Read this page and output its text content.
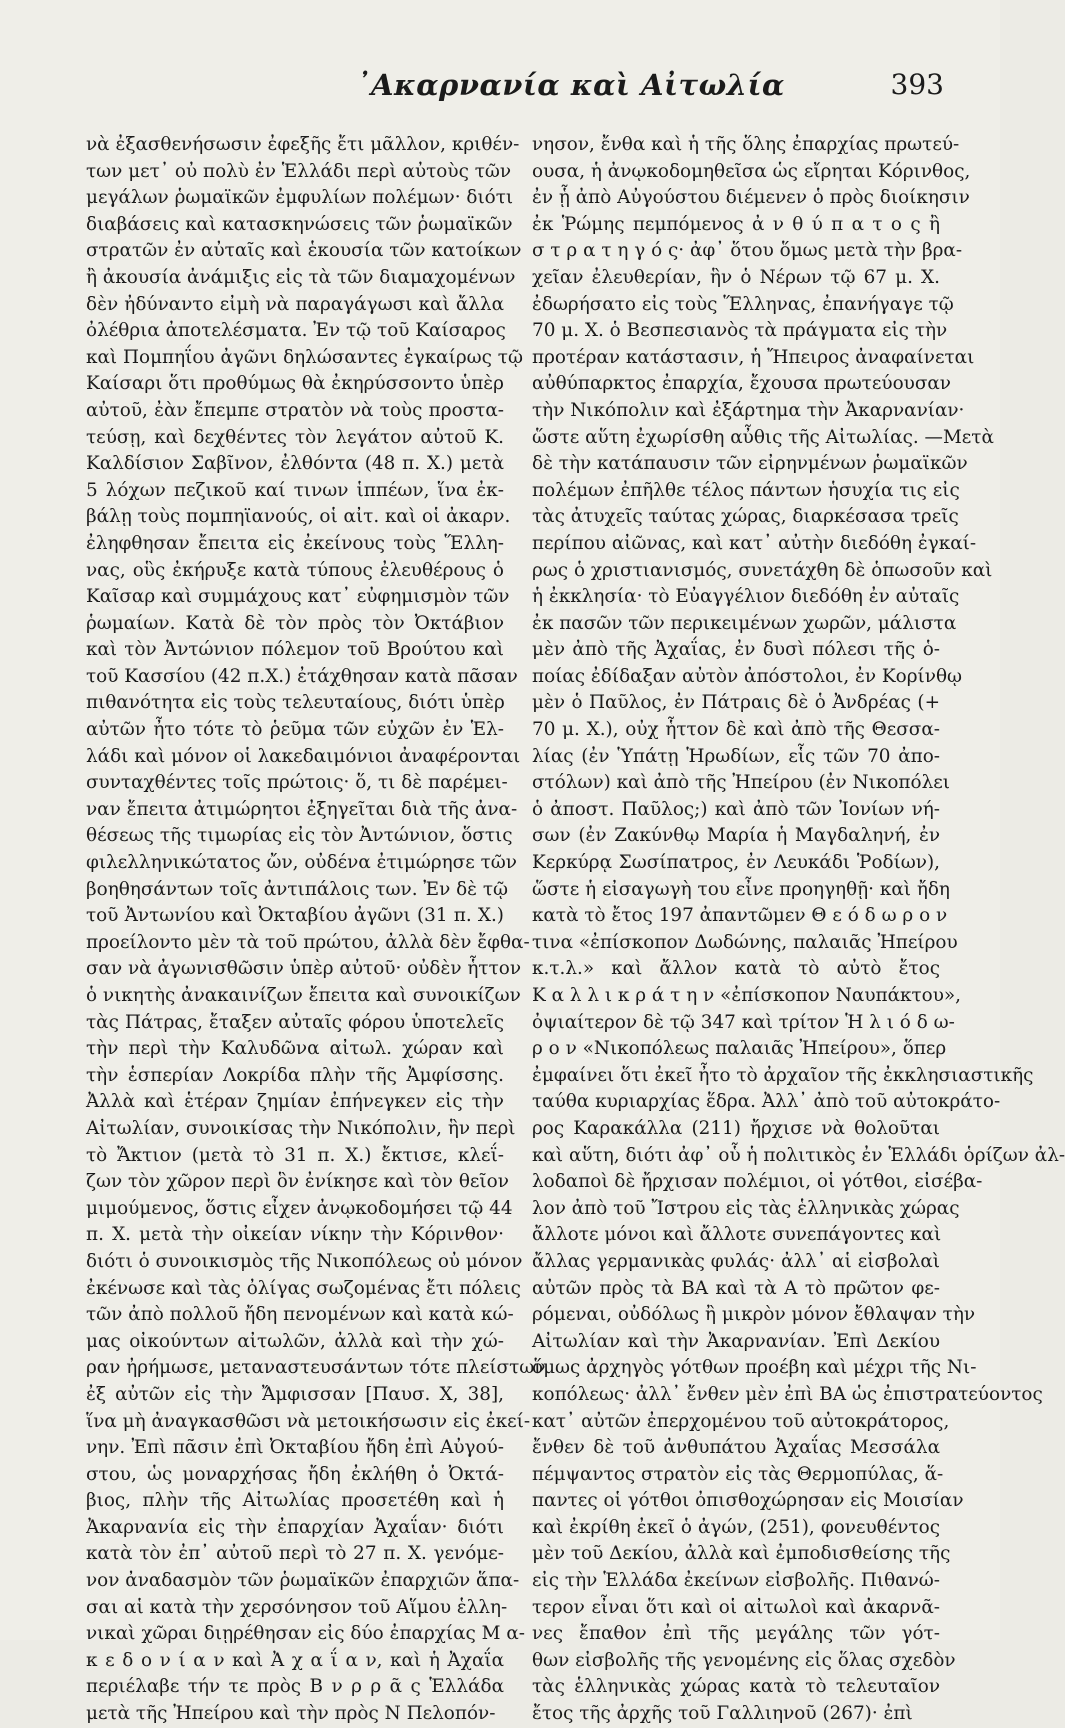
᾽Ακαρνανία καὶ Αἰτωλία	393
νὰ ἐξασθενήσωσιν ἐφεξῆς ἔτι μᾶλλον, κριθέν-
των μετ᾽ οὐ πολὺ ἐν Ἑλλάδι περὶ αὐτοὺς τῶν
μεγάλων ῥωμαϊκῶν ἐμφυλίων πολέμων· διότι
διαβάσεις καὶ κατασκηνώσεις τῶν ῥωμαϊκῶν
στρατῶν ἐν αὐταῖς καὶ ἑκουσία τῶν κατοίκων
ἢ ἀκουσία ἀνάμιξις εἰς τὰ τῶν διαμαχομένων
δὲν ἠδύναντο εἰμὴ νὰ παραγάγωσι καὶ ἄλλα
ὀλέθρια ἀποτελέσματα. Ἐν τῷ τοῦ Καίσαρος
καὶ Πομπηΐου ἀγῶνι δηλώσαντες ἐγκαίρως τῷ
Καίσαρι ὅτι προθύμως θὰ ἐκηρύσσοντο ὑπὲρ
αὐτοῦ, ἐὰν ἔπεμπε στρατὸν νὰ τοὺς προστα-
τεύσῃ, καὶ δεχθέντες τὸν λεγάτον αὐτοῦ Κ.
Καλδίσιον Σαβῖνον, ἐλθόντα (48 π. Χ.) μετὰ
5 λόχων πεζικοῦ καί τινων ἱππέων, ἵνα ἐκ-
βάλῃ τοὺς πομπηϊανούς, οἱ αἰτ. καὶ οἱ ἀκαρν.
ἐληφθησαν ἔπειτα εἰς ἐκείνους τοὺς Ἕλλη-
νας, οὓς ἐκήρυξε κατὰ τύπους ἐλευθέρους ὁ
Καῖσαρ καὶ συμμάχους κατ᾽ εὐφημισμὸν τῶν
ῥωμαίων. Κατὰ δὲ τὸν πρὸς τὸν Ὀκτάβιον
καὶ τὸν Ἀντώνιον πόλεμον τοῦ Βρούτου καὶ
τοῦ Κασσίου (42 π.Χ.) ἐτάχθησαν κατὰ πᾶσαν
πιθανότητα εἰς τοὺς τελευταίους, διότι ὑπὲρ
αὐτῶν ἦτο τότε τὸ ῥεῦμα τῶν εὐχῶν ἐν Ἑλ-
λάδι καὶ μόνον οἱ λακεδαιμόνιοι ἀναφέρονται
συνταχθέντες τοῖς πρώτοις· ὅ, τι δὲ παρέμει-
ναν ἔπειτα ἀτιμώρητοι ἐξηγεῖται διὰ τῆς ἀνα-
θέσεως τῆς τιμωρίας εἰς τὸν Ἀντώνιον, ὅστις
φιλελληνικώτατος ὤν, οὐδένα ἐτιμώρησε τῶν
βοηθησάντων τοῖς ἀντιπάλοις των. Ἐν δὲ τῷ
τοῦ Ἀντωνίου καὶ Ὀκταβίου ἀγῶνι (31 π. Χ.)
προείλοντο μὲν τὰ τοῦ πρώτου, ἀλλὰ δὲν ἔφθα-
σαν νὰ ἀγωνισθῶσιν ὑπὲρ αὐτοῦ· οὐδὲν ἧττον
ὁ νικητὴς ἀνακαινίζων ἔπειτα καὶ συνοικίζων
τὰς Πάτρας, ἔταξεν αὐταῖς φόρου ὑποτελεῖς
τὴν περὶ τὴν Καλυδῶνα αἰτωλ. χώραν καὶ
τὴν ἑσπερίαν Λοκρίδα πλὴν τῆς Ἀμφίσσης.
Ἀλλὰ καὶ ἑτέραν ζημίαν ἐπήνεγκεν εἰς τὴν
Αἰτωλίαν, συνοικίσας τὴν Νικόπολιν, ἣν περὶ
τὸ Ἄκτιον (μετὰ τὸ 31 π. Χ.) ἔκτισε, κλεΐ-
ζων τὸν χῶρον περὶ ὃν ἐνίκησε καὶ τὸν θεῖον
μιμούμενος, ὅστις εἶχεν ἀνῳκοδομήσει τῷ 44
π. Χ. μετὰ τὴν οἰκείαν νίκην τὴν Κόρινθον·
διότι ὁ συνοικισμὸς τῆς Νικοπόλεως οὐ μόνον
ἐκένωσε καὶ τὰς ὀλίγας σωζομένας ἔτι πόλεις
τῶν ἀπὸ πολλοῦ ἤδη πενομένων καὶ κατὰ κώ-
μας οἰκούντων αἰτωλῶν, ἀλλὰ καὶ τὴν χώ-
ραν ἠρήμωσε, μεταναστευσάντων τότε πλείστων
ἐξ αὐτῶν εἰς τὴν Ἄμφισσαν [Παυσ. Χ, 38],
ἵνα μὴ ἀναγκασθῶσι νὰ μετοικήσωσιν εἰς ἐκεί-
νην. Ἐπὶ πᾶσιν ἐπὶ Ὀκταβίου ἤδη ἐπὶ Αὐγού-
στου, ὡς μοναρχήσας ἤδη ἐκλήθη ὁ Ὀκτά-
βιος, πλὴν τῆς Αἰτωλίας προσετέθη καὶ ἡ
Ἀκαρνανία εἰς τὴν ἐπαρχίαν Ἀχαΐαν· διότι
κατὰ τὸν ἐπ᾽ αὐτοῦ περὶ τὸ 27 π. Χ. γενόμε-
νον ἀναδασμὸν τῶν ῥωμαϊκῶν ἐπαρχιῶν ἅπα-
σαι αἱ κατὰ τὴν χερσόνησον τοῦ Αἵμου ἑλλη-
νικαὶ χῶραι διῃρέθησαν εἰς δύο ἐπαρχίας Μ α-
κ ε δ ο ν ί α ν καὶ Ἀ χ α ΐ α ν, καὶ ἡ Ἀχαΐα
περιέλαβε τήν τε πρὸς Β ν ρ ρ ᾶ ς Ἑλλάδα
μετὰ τῆς Ἠπείρου καὶ τὴν πρὸς Ν Πελοπόν-
νησον, ἔνθα καὶ ἡ τῆς ὅλης ἐπαρχίας πρωτεύ-
ουσα, ἡ ἀνῳκοδομηθεῖσα ὡς εἴρηται Κόρινθος,
ἐν ᾗ ἀπὸ Αὐγούστου διέμενεν ὁ πρὸς διοίκησιν
ἐκ Ῥώμης πεμπόμενος ἀ ν θ ύ π α τ ο ς ἢ
σ τ ρ α τ η γ ό ς· ἀφ᾽ ὅτου ὅμως μετὰ τὴν βρα-
χεῖαν ἐλευθερίαν, ἣν ὁ Νέρων τῷ 67 μ. Χ.
ἐδωρήσατο εἰς τοὺς Ἕλληνας, ἐπανήγαγε τῷ
70 μ. Χ. ὁ Βεσπεσιανὸς τὰ πράγματα εἰς τὴν
προτέραν κατάστασιν, ἡ Ἤπειρος ἀναφαίνεται
αὐθύπαρκτος ἐπαρχία, ἔχουσα πρωτεύουσαν
τὴν Νικόπολιν καὶ ἐξάρτημα τὴν Ἀκαρνανίαν·
ὥστε αὕτη ἐχωρίσθη αὖθις τῆς Αἰτωλίας. —Μετὰ
δὲ τὴν κατάπαυσιν τῶν εἰρηνμένων ῥωμαϊκῶν
πολέμων ἐπῆλθε τέλος πάντων ἡσυχία τις εἰς
τὰς ἀτυχεῖς ταύτας χώρας, διαρκέσασα τρεῖς
περίπου αἰῶνας, καὶ κατ᾽ αὐτὴν διεδόθη ἐγκαί-
ρως ὁ χριστιανισμός, συνετάχθη δὲ ὁπωσοῦν καὶ
ἡ ἐκκλησία· τὸ Εὐαγγέλιον διεδόθη ἐν αὐταῖς
ἐκ πασῶν τῶν περικειμένων χωρῶν, μάλιστα
μὲν ἀπὸ τῆς Ἀχαΐας, ἐν δυσὶ πόλεσι τῆς ὁ-
ποίας ἐδίδαξαν αὐτὸν ἀπόστολοι, ἐν Κορίνθῳ
μὲν ὁ Παῦλος, ἐν Πάτραις δὲ ὁ Ἀνδρέας (+
70 μ. Χ.), οὐχ ἧττον δὲ καὶ ἀπὸ τῆς Θεσσα-
λίας (ἐν Ὑπάτῃ Ἡρωδίων, εἷς τῶν 70 ἀπο-
στόλων) καὶ ἀπὸ τῆς Ἠπείρου (ἐν Νικοπόλει
ὁ ἀποστ. Παῦλος;) καὶ ἀπὸ τῶν Ἰονίων νή-
σων (ἐν Ζακύνθῳ Μαρία ἡ Μαγδαληνή, ἐν
Κερκύρᾳ Σωσίπατρος, ἐν Λευκάδι Ῥοδίων),
ὥστε ἡ εἰσαγωγὴ του εἶνε προηγηθῇ· καὶ ἤδη
κατὰ τὸ ἔτος 197 ἀπαντῶμεν Θ ε ό δ ω ρ ο ν
τινα «ἐπίσκοπον Δωδώνης, παλαιᾶς Ἠπείρου
κ.τ.λ.» καὶ ἄλλον κατὰ τὸ αὐτὸ ἔτος
Κ α λ λ ι κ ρ ά τ η ν «ἐπίσκοπον Ναυπάκτου»,
ὀψιαίτερον δὲ τῷ 347 καὶ τρίτον Ἡ λ ι ό δ ω-
ρ ο ν «Νικοπόλεως παλαιᾶς Ἠπείρου», ὅπερ
ἐμφαίνει ὅτι ἐκεῖ ἦτο τὸ ἀρχαῖον τῆς ἐκκλησιαστικῆς
ταύθα κυριαρχίας ἕδρα. Ἀλλ᾽ ἀπὸ τοῦ αὐτοκράτο-
ρος Καρακάλλα (211) ἤρχισε νὰ θολοῦται
καὶ αὕτη, διότι ἀφ᾽ οὗ ἡ πολιτικὸς ἐν Ἑλλάδι ὁρίζων ἀλ-
λοδαποὶ δὲ ἤρχισαν πολέμιοι, οἱ γότθοι, εἰσέβα-
λον ἀπὸ τοῦ Ἴστρου εἰς τὰς ἑλληνικὰς χώρας
ἄλλοτε μόνοι καὶ ἄλλοτε συνεπάγοντες καὶ
ἄλλας γερμανικὰς φυλάς· ἀλλ᾽ αἱ εἰσβολαὶ
αὐτῶν πρὸς τὰ ΒΑ καὶ τὰ Α τὸ πρῶτον φε-
ρόμεναι, οὐδόλως ἢ μικρὸν μόνον ἔθλαψαν τὴν
Αἰτωλίαν καὶ τὴν Ἀκαρνανίαν. Ἐπὶ Δεκίου
ὅμως ἀρχηγὸς γότθων προέβη καὶ μέχρι τῆς Νι-
κοπόλεως· ἀλλ᾽ ἔνθεν μὲν ἐπὶ ΒΑ ὡς ἐπιστρατεύοντος
κατ᾽ αὐτῶν ἐπερχομένου τοῦ αὐτοκράτορος,
ἔνθεν δὲ τοῦ ἀνθυπάτου Ἀχαΐας Μεσσάλα
πέμψαντος στρατὸν εἰς τὰς Θερμοπύλας, ἅ-
παντες οἱ γότθοι ὀπισθοχώρησαν εἰς Μοισίαν
καὶ ἐκρίθη ἐκεῖ ὁ ἀγών, (251), φονευθέντος
μὲν τοῦ Δεκίου, ἀλλὰ καὶ ἐμποδισθείσης τῆς
εἰς τὴν Ἑλλάδα ἐκείνων εἰσβολῆς. Πιθανώ-
τερον εἶναι ὅτι καὶ οἱ αἰτωλοὶ καὶ ἀκαρνᾶ-
νες ἔπαθον ἐπὶ τῆς μεγάλης τῶν γότ-
θων εἰσβολῆς τῆς γενομένης εἰς ὅλας σχεδὸν
τὰς ἑλληνικὰς χώρας κατὰ τὸ τελευταῖον
ἔτος τῆς ἀρχῆς τοῦ Γαλλιηνοῦ (267)· ἐπὶ
